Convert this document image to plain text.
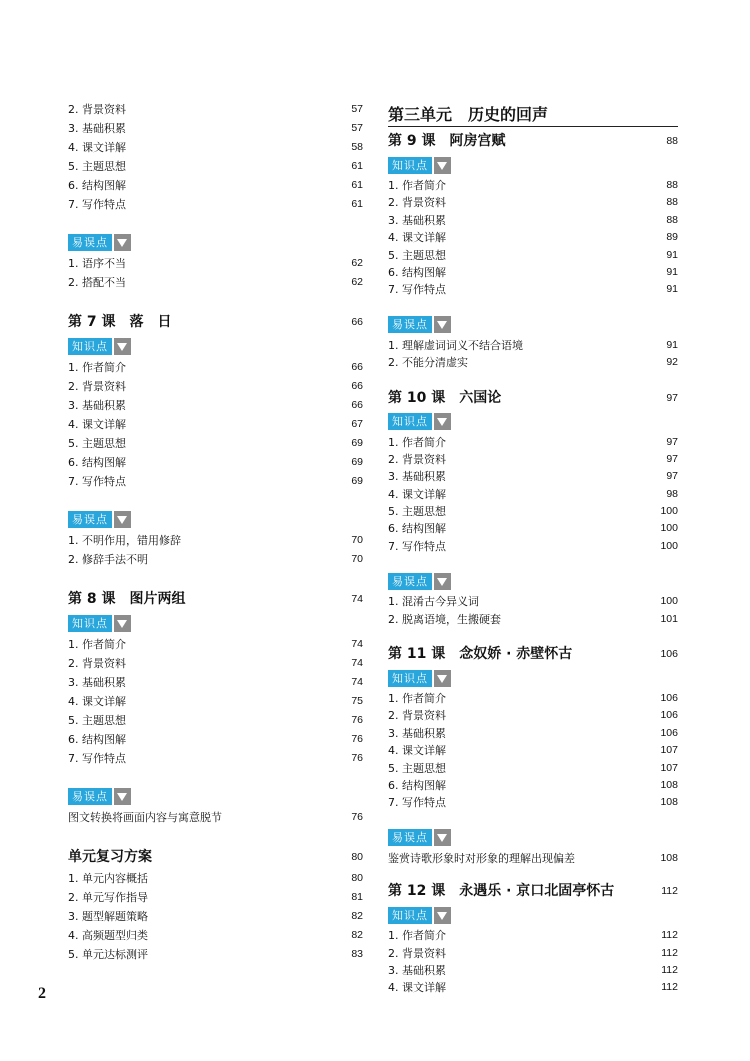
2. 背景资料	57
3. 基础积累	57
4. 课文详解	58
5. 主题思想	61
6. 结构图解	61
7. 写作特点	61
易误点
1. 语序不当	62
2. 搭配不当	62
第 7 课　落　日	66
知识点
1. 作者简介	66
2. 背景资料	66
3. 基础积累	66
4. 课文详解	67
5. 主题思想	69
6. 结构图解	69
7. 写作特点	69
易误点
1. 不明作用，错用修辞	70
2. 修辞手法不明	70
第 8 课　图片两组	74
知识点
1. 作者简介	74
2. 背景资料	74
3. 基础积累	74
4. 课文详解	75
5. 主题思想	76
6. 结构图解	76
7. 写作特点	76
易误点
图文转换将画面内容与寓意脱节	76
单元复习方案	80
1. 单元内容概括	80
2. 单元写作指导	81
3. 题型解题策略	82
4. 高频题型归类	82
5. 单元达标测评	83
第三单元　历史的回声
第 9 课　阿房宫赋	88
知识点
1. 作者简介	88
2. 背景资料	88
3. 基础积累	88
4. 课文详解	89
5. 主题思想	91
6. 结构图解	91
7. 写作特点	91
易误点
1. 理解虚词词义不结合语境	91
2. 不能分清虚实	92
第 10 课　六国论	97
知识点
1. 作者简介	97
2. 背景资料	97
3. 基础积累	97
4. 课文详解	98
5. 主题思想	100
6. 结构图解	100
7. 写作特点	100
易误点
1. 混淆古今异义词	100
2. 脱离语境，生搬硬套	101
第 11 课　念奴娇 · 赤壁怀古	106
知识点
1. 作者简介	106
2. 背景资料	106
3. 基础积累	106
4. 课文详解	107
5. 主题思想	107
6. 结构图解	108
7. 写作特点	108
易误点
鉴赏诗歌形象时对形象的理解出现偏差	108
第 12 课　永遇乐 · 京口北固亭怀古	112
知识点
1. 作者简介	112
2. 背景资料	112
3. 基础积累	112
4. 课文详解	112
2
